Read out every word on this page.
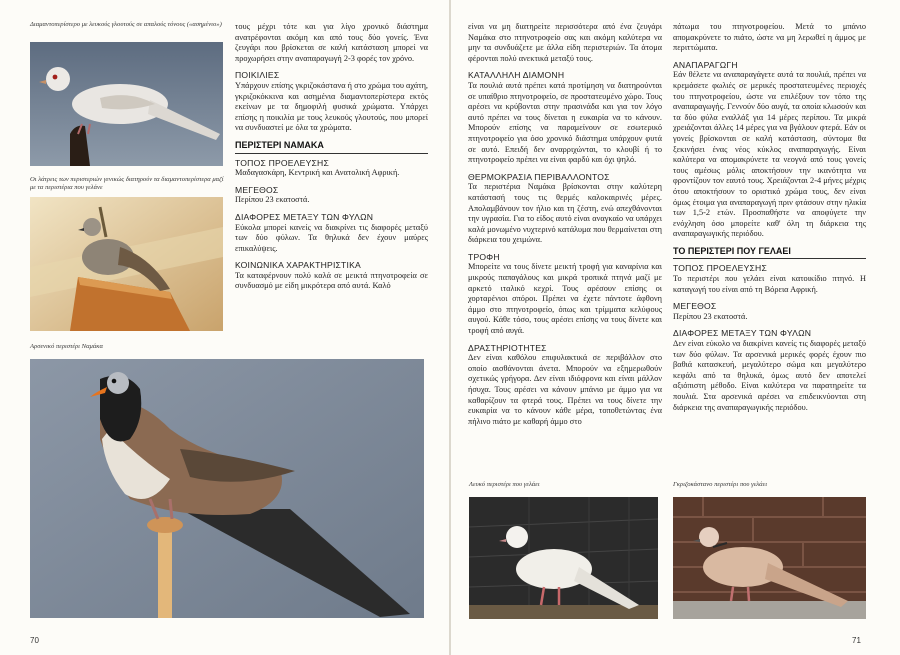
Διαμαντοπερίστερο με λευκούς γλουτούς σε απαλούς τόνους («ασημένιο»)
Οι λάτρεις των περιστεριών γενικώς διατηρούν τα διαμαντοπερίστερα μαζί με τα περιστέρια που γελάνε
Αρσενικό περιστέρι Ναμάκα

τους μέχρι τότε και για λίγο χρονικό διάστημα ανατρέφονται ακόμη και από τους δύο γονείς. Ένα ζευγάρι που βρίσκεται σε καλή κατάσταση μπορεί να προχωρήσει στην αναπαραγωγή 2-3 φορές τον χρόνο.

ΠΟΙΚΙΛΙΕΣ

Υπάρχουν επίσης γκριζοκάστανα ή στο χρώμα του αχάτη, γκριζοκόκκινα και ασημένια διαμαντοπερίστερα εκτός εκείνων με τα δημοφιλή φυσικά χρώματα. Υπάρχει επίσης η ποικιλία με τους λευκούς γλουτούς, που μπορεί να συνδυαστεί με όλα τα χρώματα.

ΠΕΡΙΣΤΕΡΙ ΝΑΜΑΚΑ
ΤΟΠΟΣ ΠΡΟΕΛΕΥΣΗΣ

Μαδαγασκάρη, Κεντρική και Ανατολική Αφρική.

ΜΕΓΕΘΟΣ

Περίπου 23 εκατοστά.

ΔΙΑΦΟΡΕΣ ΜΕΤΑΞΥ ΤΩΝ ΦΥΛΩΝ

Εύκολα μπορεί κανείς να διακρίνει τις διαφορές μεταξύ των δύο φύλων. Τα θηλυκά δεν έχουν μαύρες επικαλύψεις.

ΚΟΙΝΩΝΙΚΑ ΧΑΡΑΚΤΗΡΙΣΤΙΚΑ

Τα καταφέρνουν πολύ καλά σε μεικτά πτηνοτροφεία σε συνδυασμό με είδη μικρότερα από αυτά. Καλό

70

είναι να μη διατηρείτε περισσότερα από ένα ζευγάρι Ναμάκα στο πτηνοτροφείο σας και ακόμη καλύτερα να μην τα συνδυάζετε με άλλα είδη περιστεριών. Τα άτομα φέρονται πολύ ανεκτικά μεταξύ τους.

ΚΑΤΑΛΛΗΛΗ ΔΙΑΜΟΝΗ

Τα πουλιά αυτά πρέπει κατά προτίμηση να διατηρούνται σε υπαίθριο πτηνοτροφείο, σε προστατευμένο χώρο. Τους αρέσει να κρύβονται στην πρασινάδα και για τον λόγο αυτό πρέπει να τους δίνεται η ευκαιρία να το κάνουν. Μπορούν επίσης να παραμείνουν σε εσωτερικό πτηνοτροφείο για όσο χρονικό διάστημα υπάρχουν φυτά σε αυτό. Επειδή δεν αναρριχώνται, το κλουβί ή το πτηνοτροφείο πρέπει να είναι φαρδύ και όχι ψηλό.

ΘΕΡΜΟΚΡΑΣΙΑ ΠΕΡΙΒΑΛΛΟΝΤΟΣ

Τα περιστέρια Ναμάκα βρίσκονται στην καλύτερη κατάστασή τους τις θερμές καλοκαιρινές μέρες. Απολαμβάνουν τον ήλιο και τη ζέστη, ενώ απεχθάνονται την υγρασία. Για το είδος αυτό είναι αναγκαίο να υπάρχει καλά μονωμένο νυχτερινό κατάλυμα που θερμαίνεται στη διάρκεια του χειμώνα.

ΤΡΟΦΗ

Μπορείτε να τους δίνετε μεικτή τροφή για καναρίνια και μικρούς παπαγάλους και μικρά τροπικά πτηνά μαζί με αρκετό ιταλικό κεχρί. Τους αρέσουν επίσης οι χορταρένιοι σπόροι. Πρέπει να έχετε πάντοτε άφθονη άμμο στο πτηνοτροφείο, όπως και τρίμματα κελύφους αυγού. Κάθε τόσο, τους αρέσει επίσης να τους δίνετε και τροφή από αυγά.

ΔΡΑΣΤΗΡΙΟΤΗΤΕΣ

Δεν είναι καθόλου επιφυλακτικά σε περιβάλλον στο οποίο αισθάνονται άνετα. Μπορούν να εξημερωθούν σχετικώς γρήγορα. Δεν είναι ιδιόφρονα και είναι μάλλον ήσυχα. Τους αρέσει να κάνουν μπάνιο με άμμο για να καθαρίζουν τα φτερά τους. Πρέπει να τους δίνετε την ευκαιρία να το κάνουν κάθε μέρα, τοποθετώντας ένα πήλινο πιάτο με καθαρή άμμο στο

πάτωμα του πτηνοτροφείου. Μετά το μπάνιο απομακρύνετε το πιάτο, ώστε να μη λερωθεί η άμμος με περιττώματα.

ΑΝΑΠΑΡΑΓΩΓΗ

Εάν θέλετε να αναπαραγάγετε αυτά τα πουλιά, πρέπει να κρεμάσετε φωλιές σε μερικές προστατευμένες περιοχές του πτηνοτροφείου, ώστε να επιλέξουν τον τόπο της αναπαραγωγής. Γεννούν δύο αυγά, τα οποία κλωσούν και τα δύο φύλα εναλλάξ για 14 μέρες περίπου. Τα μικρά χρειάζονται άλλες 14 μέρες για να βγάλουν φτερά. Εάν οι γονείς βρίσκονται σε καλή κατάσταση, σύντομα θα ξεκινήσει ένας νέος κύκλος αναπαραγωγής. Είναι καλύτερα να απομακρύνετε τα νεογνά από τους γονείς τους αμέσως μόλις αποκτήσουν την ικανότητα να φροντίζουν τον εαυτό τους. Χρειάζονται 2-4 μήνες μέχρις ότου αποκτήσουν το οριστικό χρώμα τους, δεν είναι όμως έτοιμα για αναπαραγωγή πριν φτάσουν στην ηλικία των 1,5-2 ετών. Προσπαθήστε να αποφύγετε την ενόχληση όσο μπορείτε καθ' όλη τη διάρκεια της αναπαραγωγικής περιόδου.

ΤΟ ΠΕΡΙΣΤΕΡΙ ΠΟΥ ΓΕΛΑΕΙ
ΤΟΠΟΣ ΠΡΟΕΛΕΥΣΗΣ

Το περιστέρι που γελάει είναι κατοικίδιο πτηνό. Η καταγωγή του είναι από τη Βόρεια Αφρική.

ΜΕΓΕΘΟΣ

Περίπου 23 εκατοστά.

ΔΙΑΦΟΡΕΣ ΜΕΤΑΞΥ ΤΩΝ ΦΥΛΩΝ

Δεν είναι εύκολο να διακρίνει κανείς τις διαφορές μεταξύ των δύο φύλων. Τα αρσενικά μερικές φορές έχουν πιο βαθιά κατασκευή, μεγαλύτερο σώμα και μεγαλύτερο κεφάλι από τα θηλυκά, όμως αυτό δεν αποτελεί αξιόπιστη μέθοδο. Είναι καλύτερα να παρατηρείτε τα πουλιά. Στα αρσενικά αρέσει να επιδεικνύονται στη διάρκεια της αναπαραγωγικής περιόδου.

Λευκό περιστέρι που γελάει	Γκριζοκάστανο περιστέρι που γελάει
71
